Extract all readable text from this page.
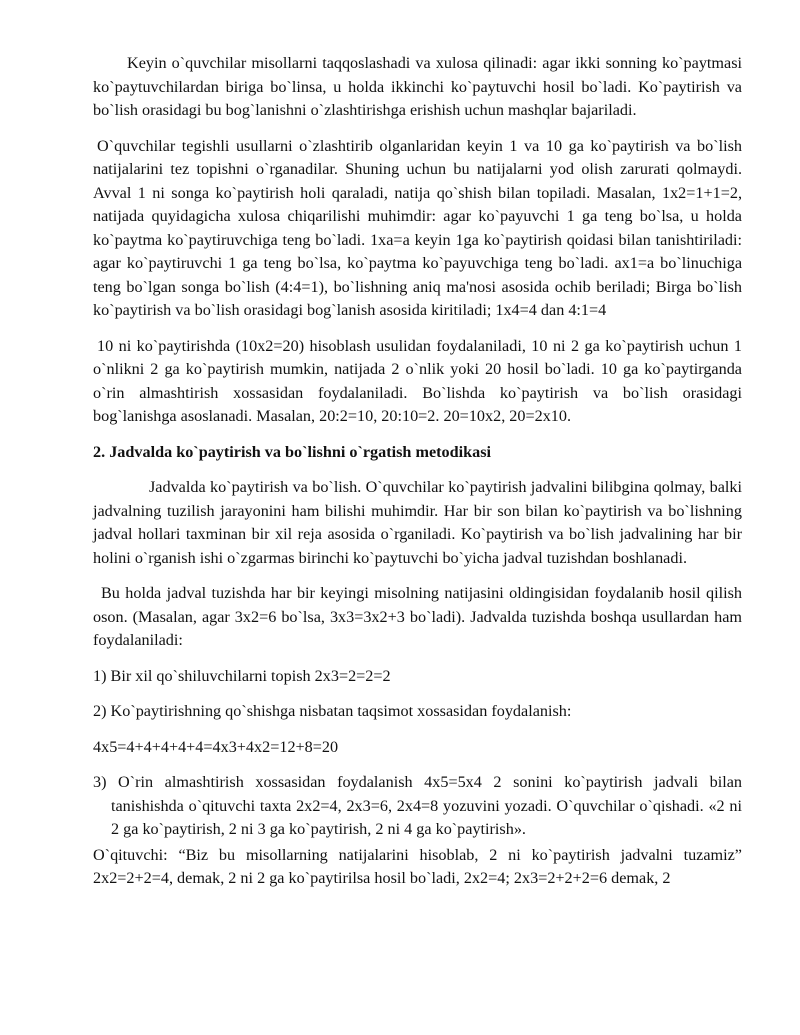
Keyin o`quvchilar misollarni taqqoslashadi va xulosa qilinadi: agar ikki sonning ko`paytmasi ko`paytuvchilardan biriga bo`linsa, u holda ikkinchi ko`paytuvchi hosil bo`ladi. Ko`paytirish va bo`lish orasidagi bu bog`lanishni o`zlashtirishga erishish uchun mashqlar bajariladi.

O`quvchilar tegishli usullarni o`zlashtirib olganlaridan keyin 1 va 10 ga ko`paytirish va bo`lish natijalarini tez topishni o`rganadilar. Shuning uchun bu natijalarni yod olish zarurati qolmaydi. Avval 1 ni songa ko`paytirish holi qaraladi, natija qo`shish bilan topiladi. Masalan, 1x2=1+1=2, natijada quyidagicha xulosa chiqarilishi muhimdir: agar ko`payuvchi 1 ga teng bo`lsa, u holda ko`paytma ko`paytiruvchiga teng bo`ladi. 1xa=a keyin 1ga ko`paytirish qoidasi bilan tanishtiriladi: agar ko`paytiruvchi 1 ga teng bo`lsa, ko`paytma ko`payuvchiga teng bo`ladi. ax1=a bo`linuchiga teng bo`lgan songa bo`lish (4:4=1), bo`lishning aniq ma'nosi asosida ochib beriladi; Birga bo`lish ko`paytirish va bo`lish orasidagi bog`lanish asosida kiritiladi; 1x4=4 dan 4:1=4

10 ni ko`paytirishda (10x2=20) hisoblash usulidan foydalaniladi, 10 ni 2 ga ko`paytirish uchun 1 o`nlikni 2 ga ko`paytirish mumkin, natijada 2 o`nlik yoki 20 hosil bo`ladi. 10 ga ko`paytirganda o`rin almashtirish xossasidan foydalaniladi. Bo`lishda ko`paytirish va bo`lish orasidagi bog`lanishga asoslanadi. Masalan, 20:2=10, 20:10=2. 20=10x2, 20=2x10.

2. Jadvalda ko`paytirish va bo`lishni o`rgatish metodikasi

Jadvalda ko`paytirish va bo`lish. O`quvchilar ko`paytirish jadvalini bilibgina qolmay, balki jadvalning tuzilish jarayonini ham bilishi muhimdir. Har bir son bilan ko`paytirish va bo`lishning jadval hollari taxminan bir xil reja asosida o`rganiladi. Ko`paytirish va bo`lish jadvalining har bir holini o`rganish ishi o`zgarmas birinchi ko`paytuvchi bo`yicha jadval tuzishdan boshlanadi.

Bu holda jadval tuzishda har bir keyingi misolning natijasini oldingisidan foydalanib hosil qilish oson. (Masalan, agar 3x2=6 bo`lsa, 3x3=3x2+3 bo`ladi). Jadvalda tuzishda boshqa usullardan ham foydalaniladi:

1) Bir xil qo`shiluvchilarni topish 2x3=2=2=2

2) Ko`paytirishning qo`shishga nisbatan taqsimot xossasidan foydalanish:

4x5=4+4+4+4+4=4x3+4x2=12+8=20

3) O`rin almashtirish xossasidan foydalanish 4x5=5x4 2 sonini ko`paytirish jadvali bilan tanishishda o`qituvchi taxta 2x2=4, 2x3=6, 2x4=8 yozuvini yozadi. O`quvchilar o`qishadi. «2 ni 2 ga ko`paytirish, 2 ni 3 ga ko`paytirish, 2 ni 4 ga ko`paytirish».

O`qituvchi: “Biz bu misollarning natijalarini hisoblab, 2 ni ko`paytirish jadvalni tuzamiz” 2x2=2+2=4, demak, 2 ni 2 ga ko`paytirilsa hosil bo`ladi, 2x2=4; 2x3=2+2+2=6 demak, 2
